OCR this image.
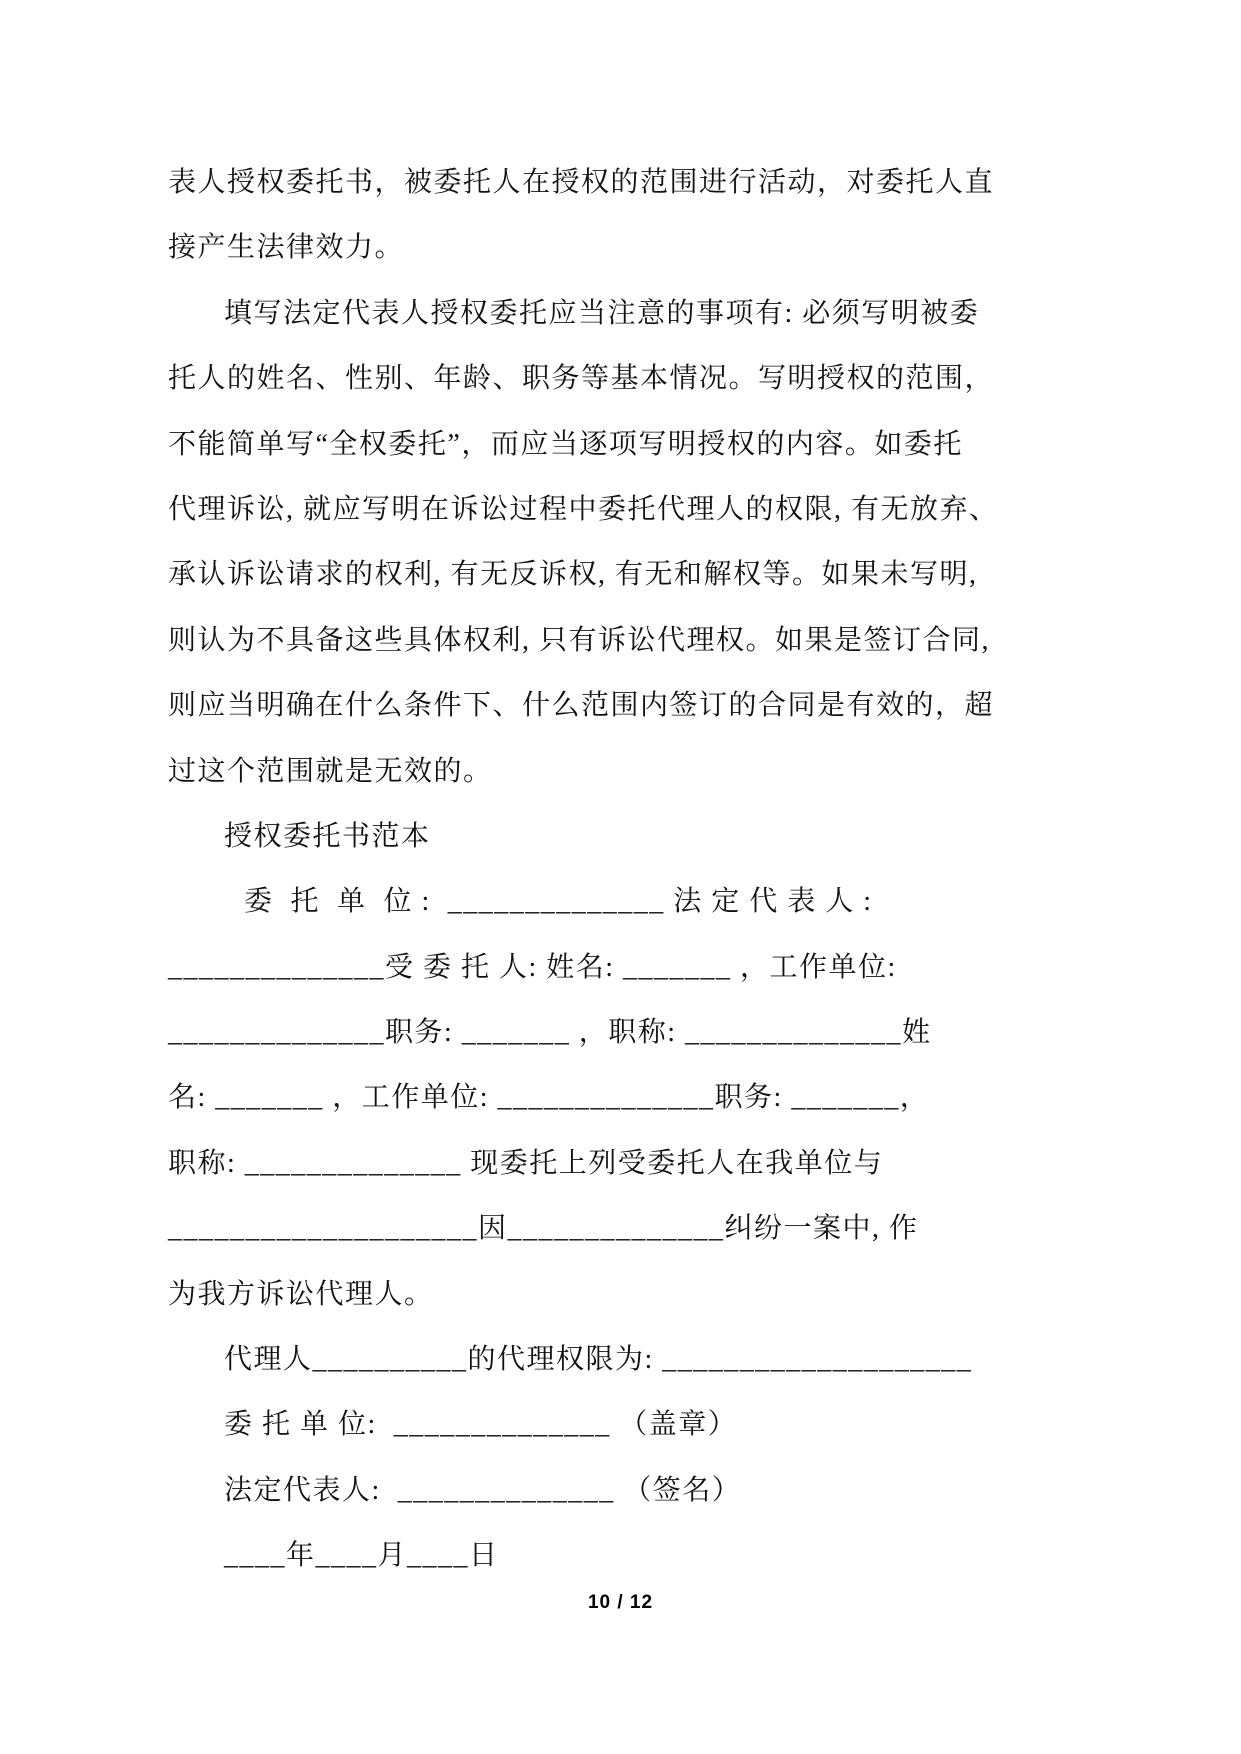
表人授权委托书，被委托人在授权的范围进行活动，对委托人直
接产生法律效力。
填写法定代表人授权委托应当注意的事项有: 必须写明被委
托人的姓名、性别、年龄、职务等基本情况。写明授权的范围，
不能简单写“全权委托”，而应当逐项写明授权的内容。如委托
代理诉讼, 就应写明在诉讼过程中委托代理人的权限, 有无放弃、
承认诉讼请求的权利, 有无反诉权, 有无和解权等。如果未写明,
则认为不具备这些具体权利, 只有诉讼代理权。如果是签订合同,
则应当明确在什么条件下、什么范围内签订的合同是有效的，超
过这个范围就是无效的。
授权委托书范本
委  托  单  位 :  ______________ 法 定 代 表 人 :
______________受 委 托 人: 姓名: _______ ，工作单位:
______________职务: _______ ，职称: ______________姓
名: _______ ，工作单位: ______________职务: _______，
职称: ______________ 现委托上列受委托人在我单位与
____________________因______________纠纷一案中, 作
为我方诉讼代理人。
代理人__________的代理权限为: ____________________
委 托 单 位:  ______________ （盖章）
法定代表人:  ______________ （签名）
____年____月____日
10 / 12
